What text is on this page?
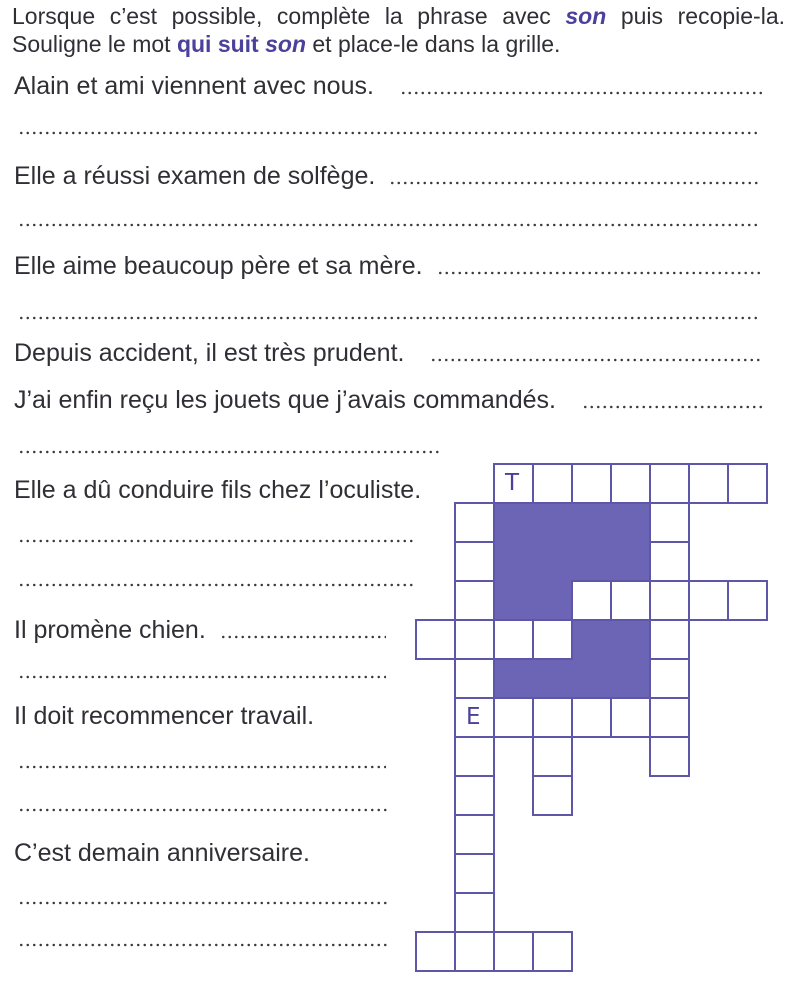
Lorsque c’est possible, complète la phrase avec son puis recopie-la.

Souligne le mot qui suit son et place-le dans la grille.

Alain et ami viennent avec nous.
Elle a réussi examen de solfège.
Elle aime beaucoup père et sa mère.
Depuis accident, il est très prudent.
J’ai enfin reçu les jouets que j’avais commandés.
Elle a dû conduire fils chez l’oculiste.
Il promène chien.
Il doit recommencer travail.
C’est demain anniversaire.
T
E
